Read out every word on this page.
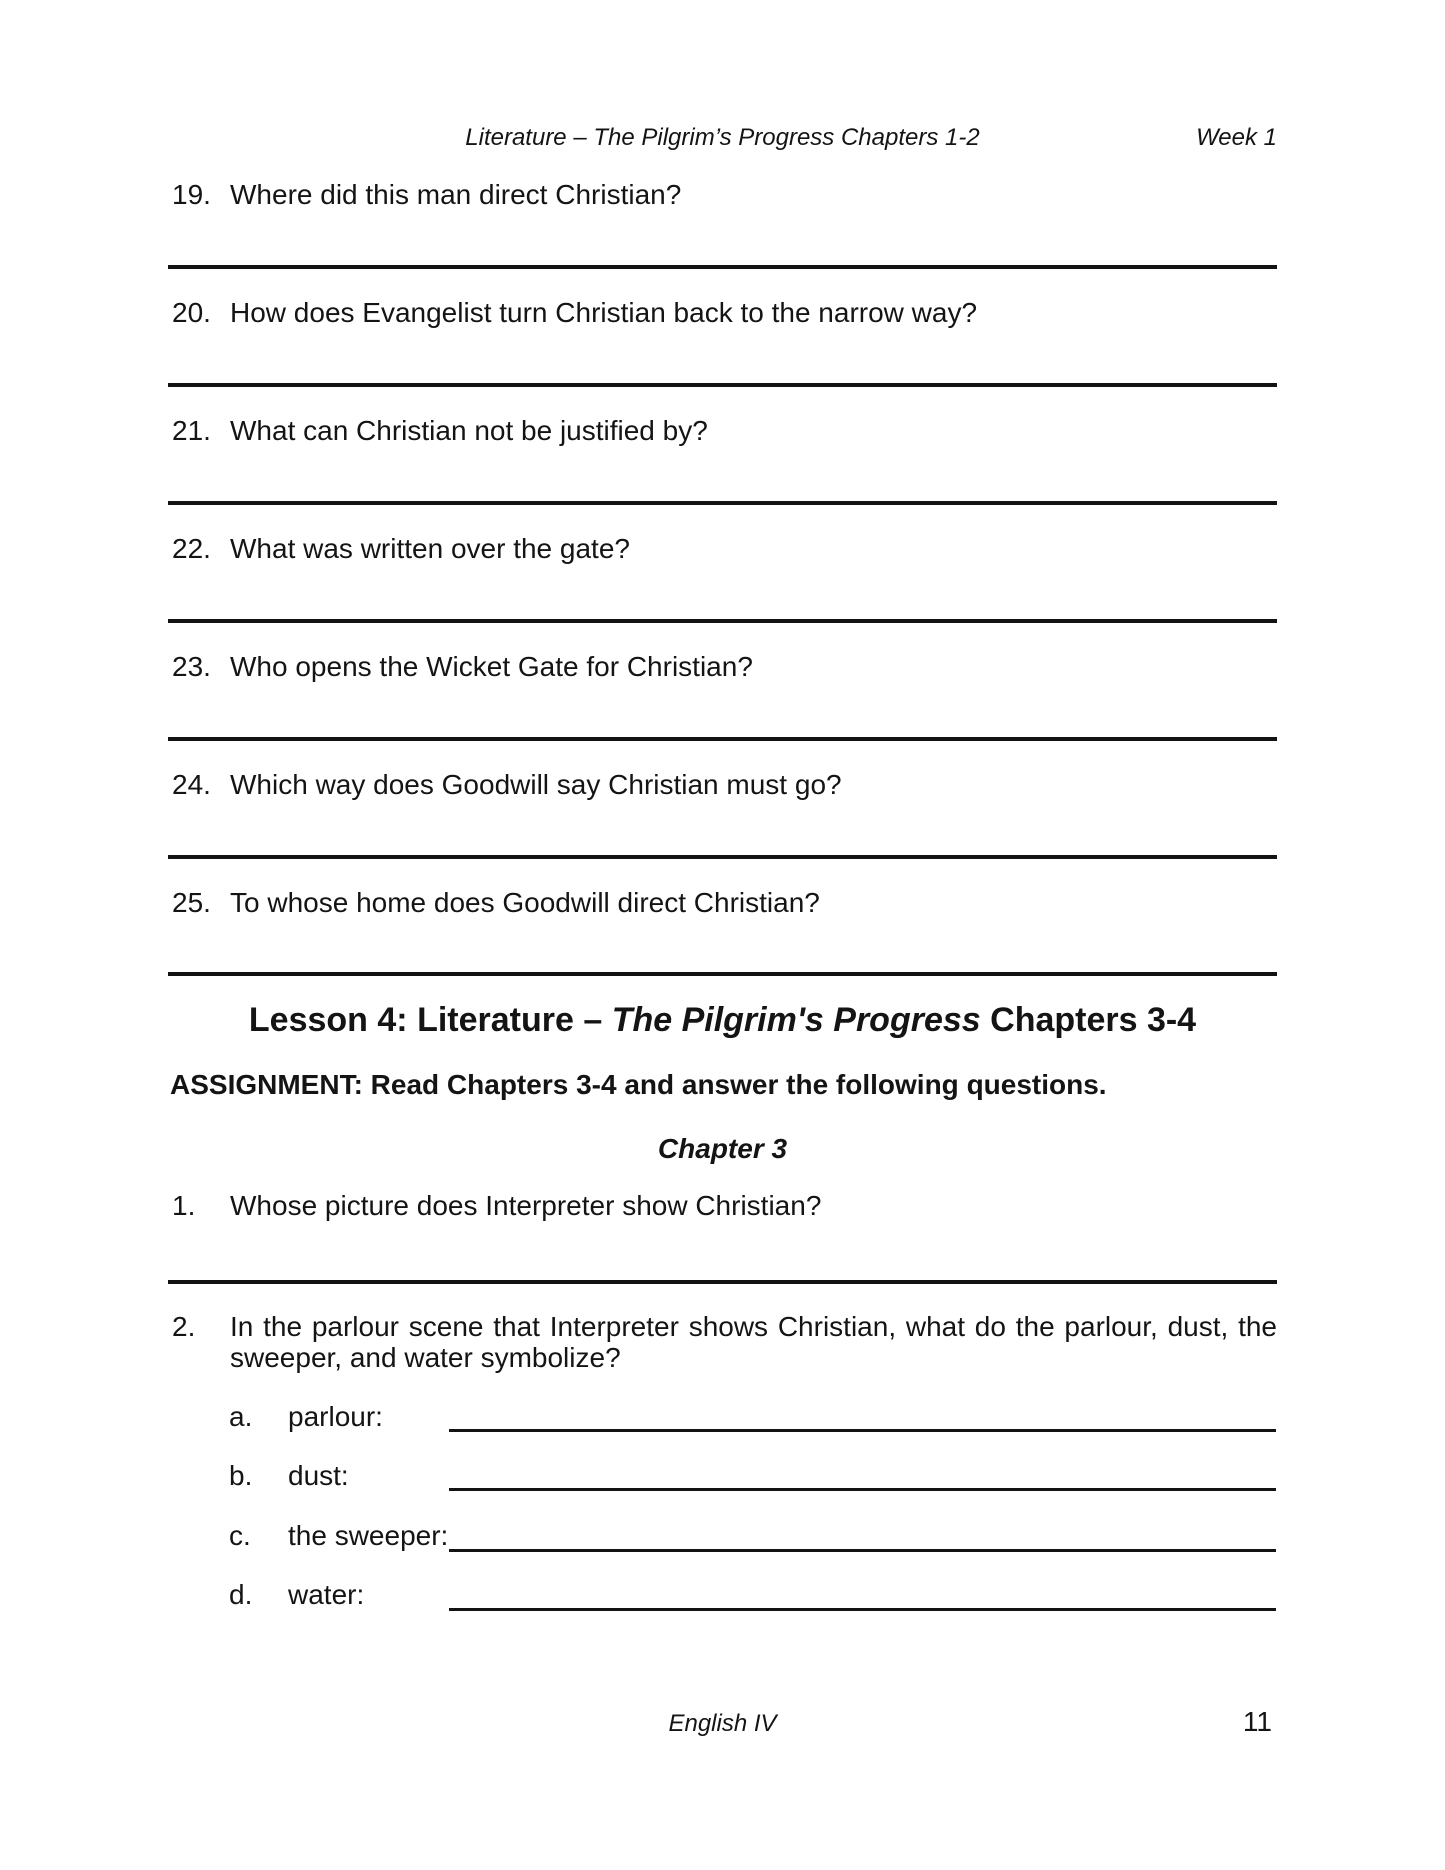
Literature – The Pilgrim’s Progress Chapters 1-2	Week 1
19. Where did this man direct Christian?
20. How does Evangelist turn Christian back to the narrow way?
21. What can Christian not be justified by?
22. What was written over the gate?
23. Who opens the Wicket Gate for Christian?
24. Which way does Goodwill say Christian must go?
25. To whose home does Goodwill direct Christian?
Lesson 4: Literature – The Pilgrim's Progress Chapters 3-4
ASSIGNMENT: Read Chapters 3-4 and answer the following questions.
Chapter 3
1. Whose picture does Interpreter show Christian?
2. In the parlour scene that Interpreter shows Christian, what do the parlour, dust, the
sweeper, and water symbolize?
a. parlour:
b. dust:
c. the sweeper:
d. water:
English IV	11
